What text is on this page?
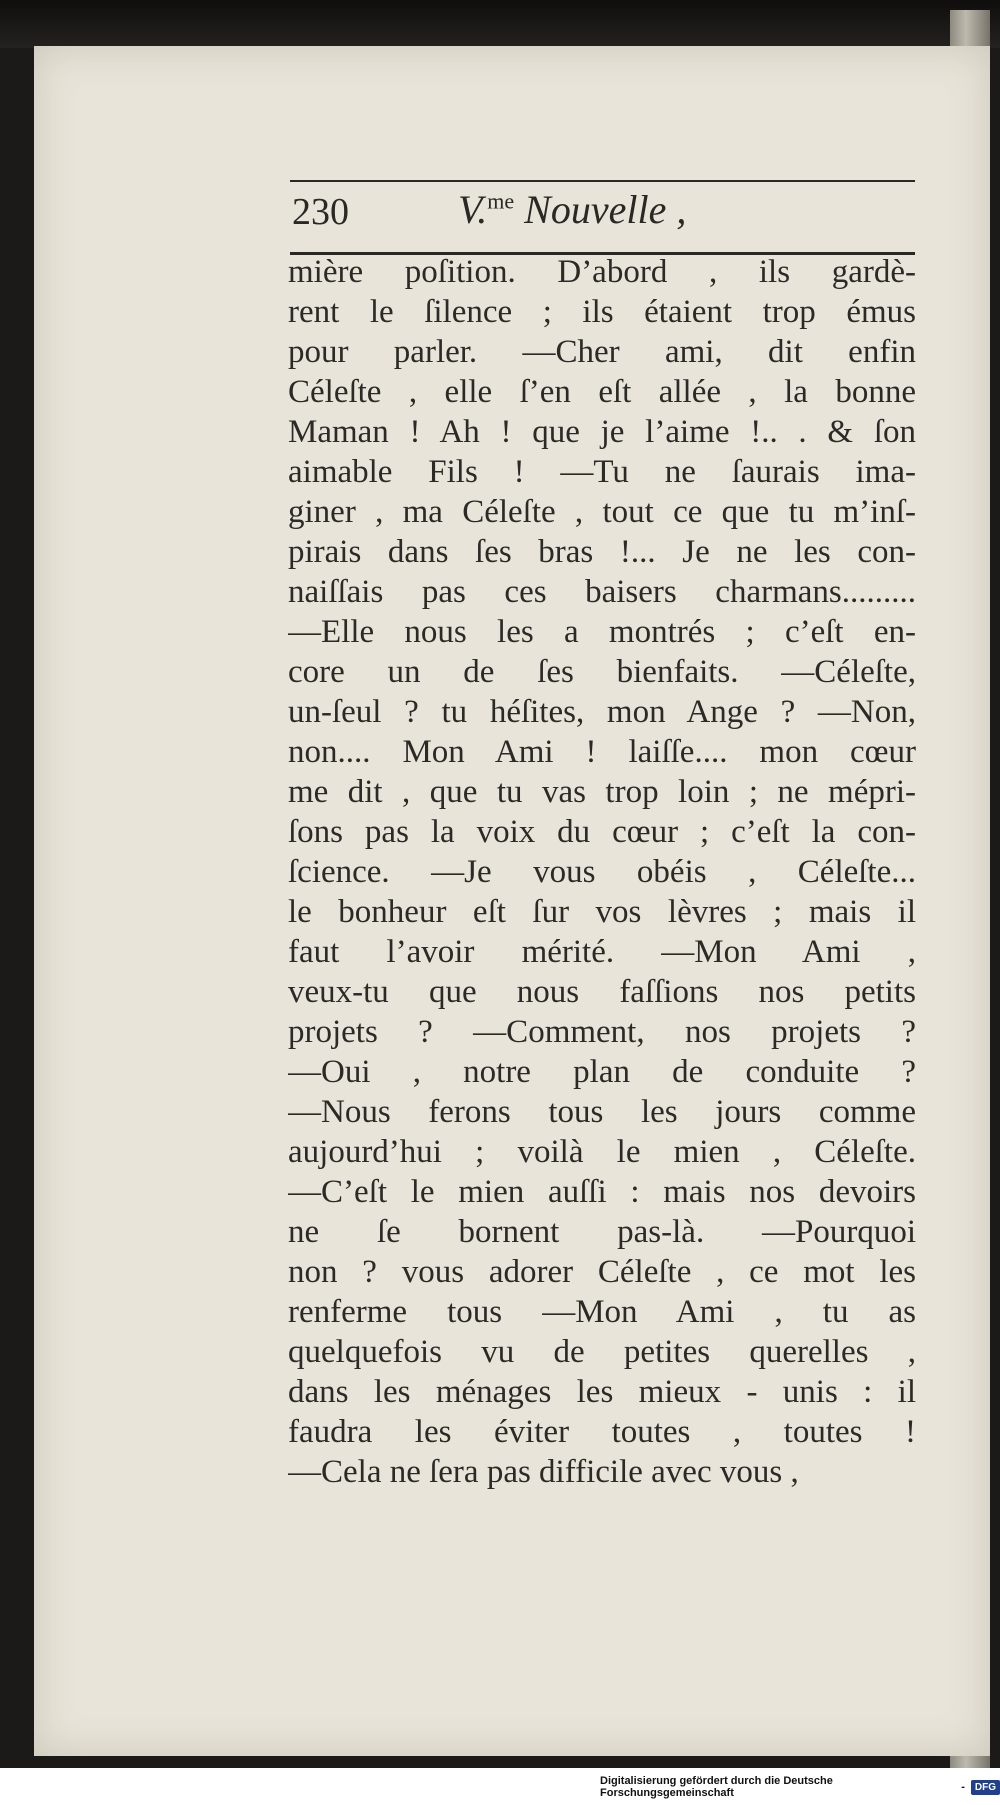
230	V.$^{me}$ Nouvelle ,
mière poſition. D’abord , ils gardè-
rent le ſilence ; ils étaient trop émus
pour parler. —Cher ami, dit enfin
Céleſte , elle ſ’en eſt allée , la bonne
Maman ! Ah ! que je l’aime !.. . & ſon
aimable Fils ! —Tu ne ſaurais ima-
giner , ma Céleſte , tout ce que tu m’inſ-
pirais dans ſes bras !... Je ne les con-
naiſſais pas ces baisers charmans.........
—Elle nous les a montrés ; c’eſt en-
core un de ſes bienfaits. —Céleſte,
un-ſeul ? tu héſites, mon Ange ? —Non,
non.... Mon Ami ! laiſſe.... mon cœur
me dit , que tu vas trop loin ; ne mépri-
ſons pas la voix du cœur ; c’eſt la con-
ſcience. —Je vous obéis , Céleſte...
le bonheur eſt ſur vos lèvres ; mais il
faut l’avoir mérité. —Mon Ami ,
veux-tu que nous faſſions nos petits
projets ? —Comment, nos projets ?
—Oui , notre plan de conduite ?
—Nous ferons tous les jours comme
aujourd’hui ; voilà le mien , Céleſte.
—C’eſt le mien auſſi : mais nos devoirs
ne ſe bornent pas-là. —Pourquoi
non ? vous adorer Céleſte , ce mot les
renferme tous —Mon Ami , tu as
quelquefois vu de petites querelles ,
dans les ménages les mieux - unis : il
faudra les éviter toutes , toutes !
—Cela ne ſera pas difficile avec vous ,
Digitalisierung gefördert durch die Deutsche Forschungsgemeinschaft	-	DFG
